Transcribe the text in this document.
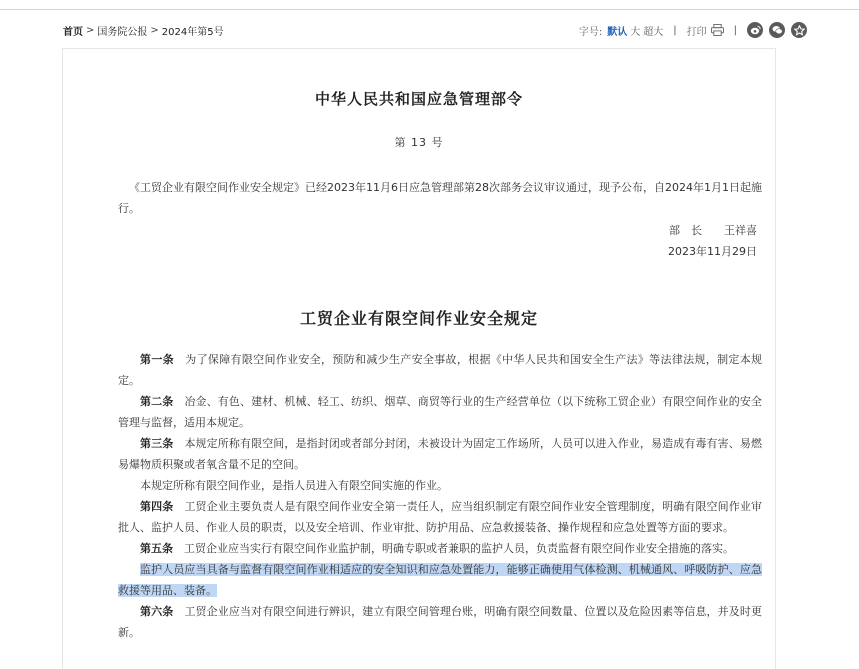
首页 > 国务院公报 > 2024年第5号	字号: 默认 大 超大 | 打印	|
中华人民共和国应急管理部令
第 13 号

《工贸企业有限空间作业安全规定》已经2023年11月6日应急管理部第28次部务会议审议通过，现予公布，自2024年1月1日起施行。

部　长　　王祥喜
2023年11月29日
工贸企业有限空间作业安全规定

第一条　 为了保障有限空间作业安全，预防和减少生产安全事故，根据《中华人民共和国安全生产法》等法律法规，制定本规定。

第二条　 冶金、有色、建材、机械、轻工、纺织、烟草、商贸等行业的生产经营单位（以下统称工贸企业）有限空间作业的安全管理与监督，适用本规定。

第三条　 本规定所称有限空间，是指封闭或者部分封闭，未被设计为固定工作场所，人员可以进入作业，易造成有毒有害、易燃易爆物质积聚或者氧含量不足的空间。

本规定所称有限空间作业，是指人员进入有限空间实施的作业。

第四条　 工贸企业主要负责人是有限空间作业安全第一责任人，应当组织制定有限空间作业安全管理制度，明确有限空间作业审批人、监护人员、作业人员的职责，以及安全培训、作业审批、防护用品、应急救援装备、操作规程和应急处置等方面的要求。

第五条　 工贸企业应当实行有限空间作业监护制，明确专职或者兼职的监护人员，负责监督有限空间作业安全措施的落实。

监护人员应当具备与监督有限空间作业相适应的安全知识和应急处置能力，能够正确使用气体检测、机械通风、呼吸防护、应急救援等用品、装备。

第六条　 工贸企业应当对有限空间进行辨识，建立有限空间管理台账，明确有限空间数量、位置以及危险因素等信息，并及时更新。
